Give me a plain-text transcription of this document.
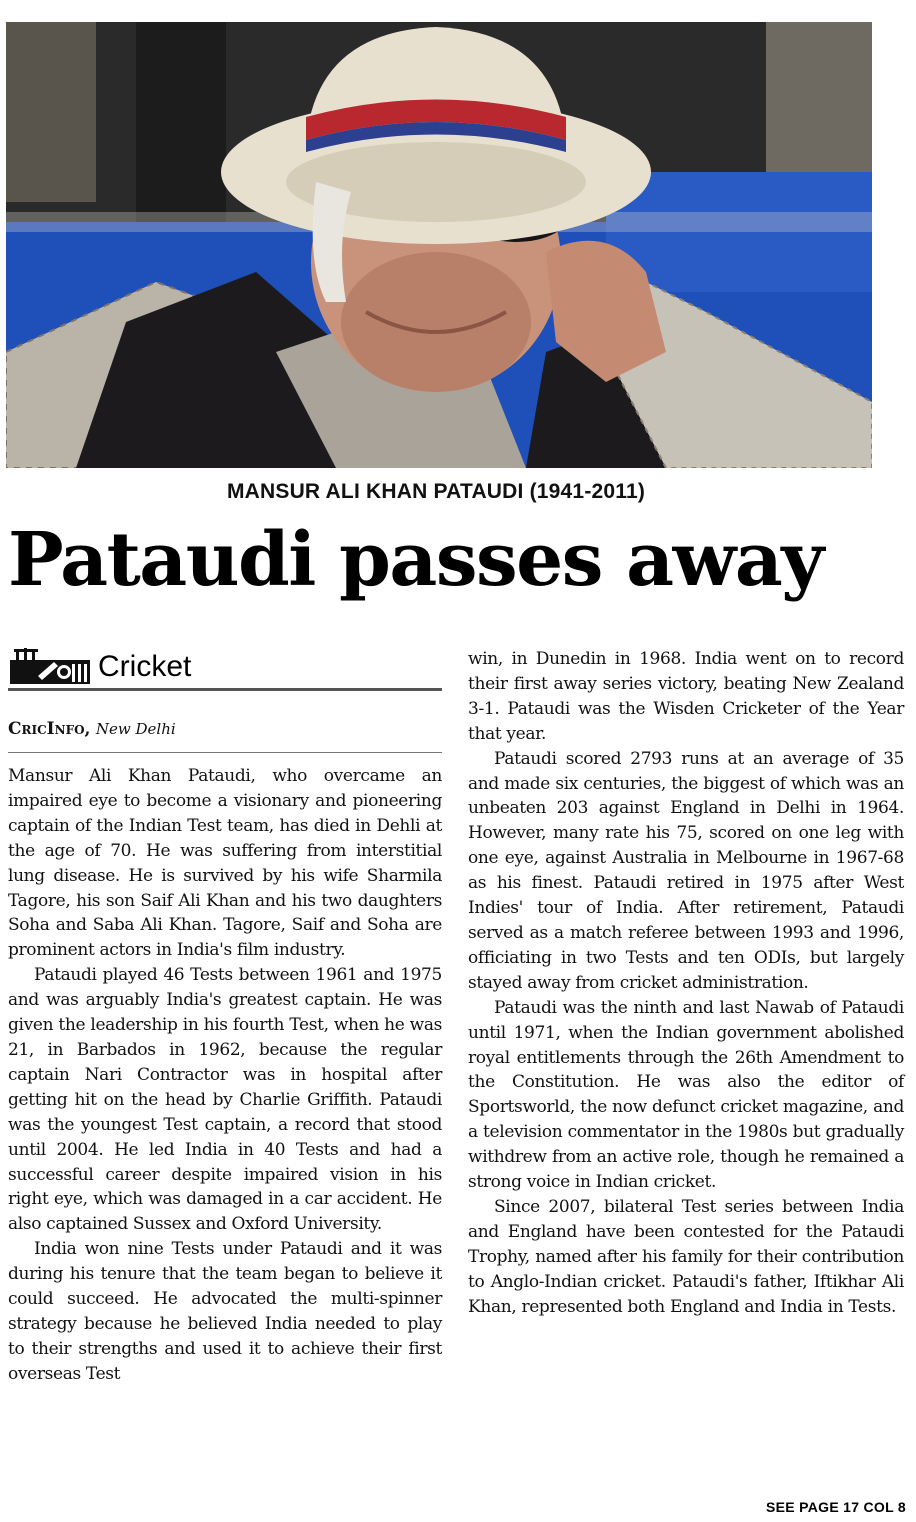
MANSUR ALI KHAN PATAUDI (1941-2011)
Pataudi passes away
Cricket
CricInfo, New Delhi

Mansur Ali Khan Pataudi, who overcame an impaired eye to become a visionary and pioneering captain of the Indian Test team, has died in Dehli at the age of 70. He was suffering from interstitial lung disease. He is survived by his wife Sharmila Tagore, his son Saif Ali Khan and his two daughters Soha and Saba Ali Khan. Tagore, Saif and Soha are prominent actors in India's film industry.

Pataudi played 46 Tests between 1961 and 1975 and was arguably India's greatest captain. He was given the leadership in his fourth Test, when he was 21, in Barbados in 1962, because the regular captain Nari Contractor was in hospital after getting hit on the head by Charlie Griffith. Pataudi was the youngest Test captain, a record that stood until 2004. He led India in 40 Tests and had a successful career despite impaired vision in his right eye, which was damaged in a car accident. He also captained Sussex and Oxford University.

India won nine Tests under Pataudi and it was during his tenure that the team began to believe it could succeed. He advocated the multi-spinner strategy because he believed India needed to play to their strengths and used it to achieve their first overseas Test

win, in Dunedin in 1968. India went on to record their first away series victory, beating New Zealand 3-1. Pataudi was the Wisden Cricketer of the Year that year.

Pataudi scored 2793 runs at an average of 35 and made six centuries, the biggest of which was an unbeaten 203 against England in Delhi in 1964. However, many rate his 75, scored on one leg with one eye, against Australia in Melbourne in 1967-68 as his finest. Pataudi retired in 1975 after West Indies' tour of India. After retirement, Pataudi served as a match referee between 1993 and 1996, officiating in two Tests and ten ODIs, but largely stayed away from cricket administration.

Pataudi was the ninth and last Nawab of Pataudi until 1971, when the Indian government abolished royal entitlements through the 26th Amendment to the Constitution. He was also the editor of Sportsworld, the now defunct cricket magazine, and a television commentator in the 1980s but gradually withdrew from an active role, though he remained a strong voice in Indian cricket.

Since 2007, bilateral Test series between India and England have been contested for the Pataudi Trophy, named after his family for their contribution to Anglo-Indian cricket. Pataudi's father, Iftikhar Ali Khan, represented both England and India in Tests.

SEE PAGE 17 COL 8
